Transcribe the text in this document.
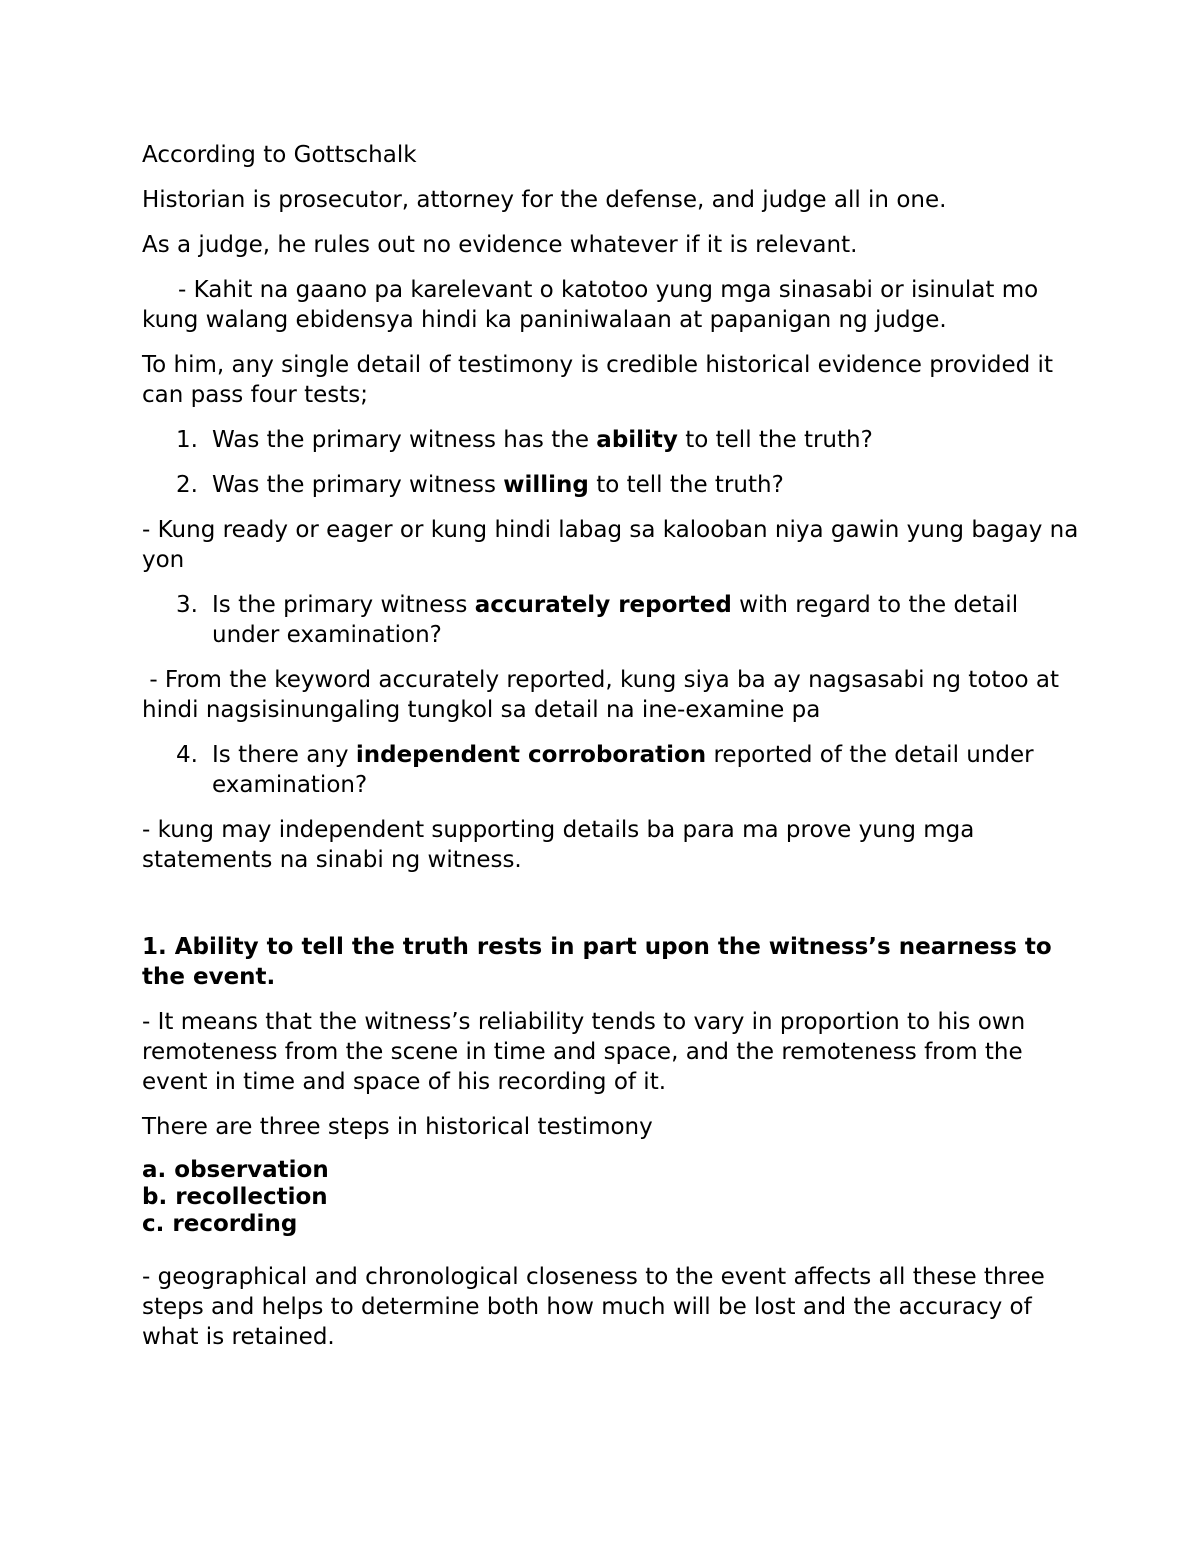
According to Gottschalk

Historian is prosecutor, attorney for the defense, and judge all in one.

As a judge, he rules out no evidence whatever if it is relevant.

- Kahit na gaano pa karelevant o katotoo yung mga sinasabi or isinulat mo kung walang ebidensya hindi ka paniniwalaan at papanigan ng judge.

To him, any single detail of testimony is credible historical evidence provided it can pass four tests;

1. Was the primary witness has the ability to tell the truth?
2. Was the primary witness willing to tell the truth?

- Kung ready or eager or kung hindi labag sa kalooban niya gawin yung bagay na yon

3. Is the primary witness accurately reported with regard to the detail under examination?

- From the keyword accurately reported, kung siya ba ay nagsasabi ng totoo at hindi nagsisinungaling tungkol sa detail na ine-examine pa

4. Is there any independent corroboration reported of the detail under examination?

- kung may independent supporting details ba para ma prove yung mga statements na sinabi ng witness.

1. Ability to tell the truth rests in part upon the witness’s nearness to the event.

- It means that the witness’s reliability tends to vary in proportion to his own remoteness from the scene in time and space, and the remoteness from the event in time and space of his recording of it.

There are three steps in historical testimony

a. observation
b. recollection
c. recording

- geographical and chronological closeness to the event affects all these three steps and helps to determine both how much will be lost and the accuracy of what is retained.
